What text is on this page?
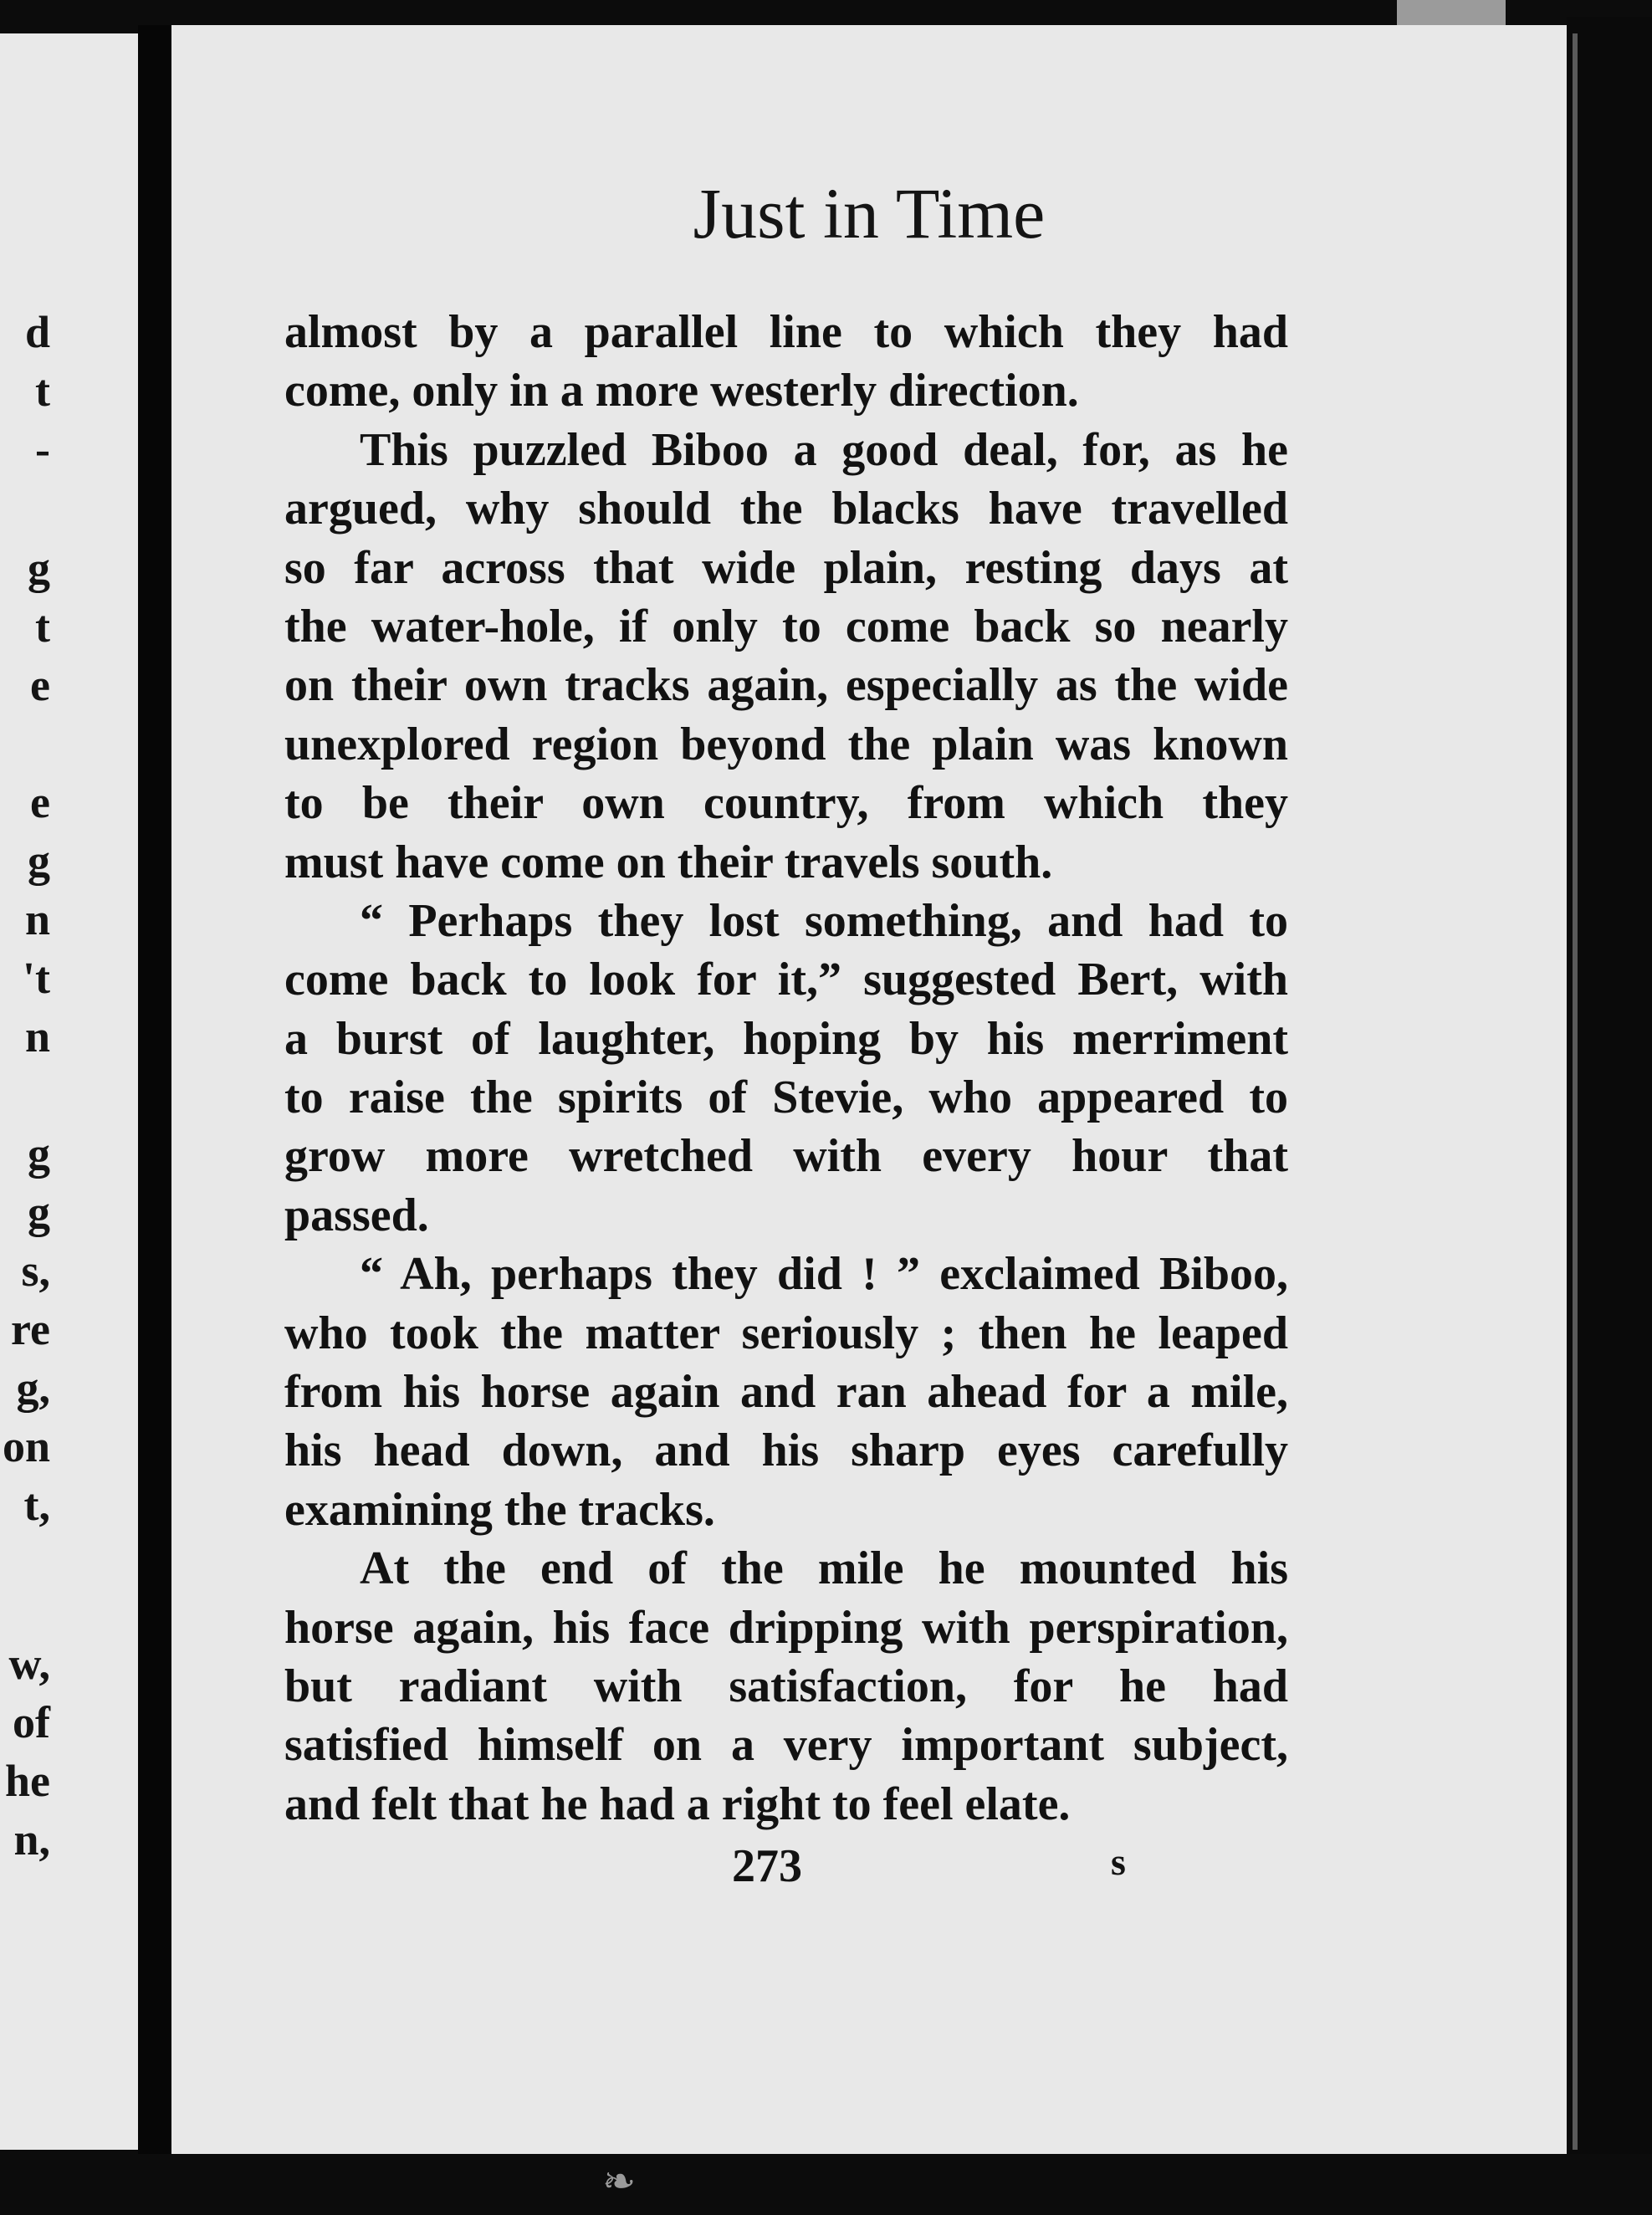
d
t
-
g
t
e
e
g
n
't
n
g
g
s,
re
g,
on
t,
w,
of
he
n,
Just in Time
almost by a parallel line to which they had
come, only in a more westerly direction.
This puzzled Biboo a good deal, for, as he
argued, why should the blacks have travelled
so far across that wide plain, resting days at
the water-hole, if only to come back so nearly
on their own tracks again, especially as the wide
unexplored region beyond the plain was known
to be their own country, from which they
must have come on their travels south.
“ Perhaps they lost something, and had to
come back to look for it,” suggested Bert, with
a burst of laughter, hoping by his merriment
to raise the spirits of Stevie, who appeared to
grow more wretched with every hour that
passed.
“ Ah, perhaps they did ! ” exclaimed Biboo,
who took the matter seriously ; then he leaped
from his horse again and ran ahead for a mile,
his head down, and his sharp eyes carefully
examining the tracks.
At the end of the mile he mounted his
horse again, his face dripping with perspiration,
but radiant with satisfaction, for he had
satisfied himself on a very important subject,
and felt that he had a right to feel elate.
273	s
❧
